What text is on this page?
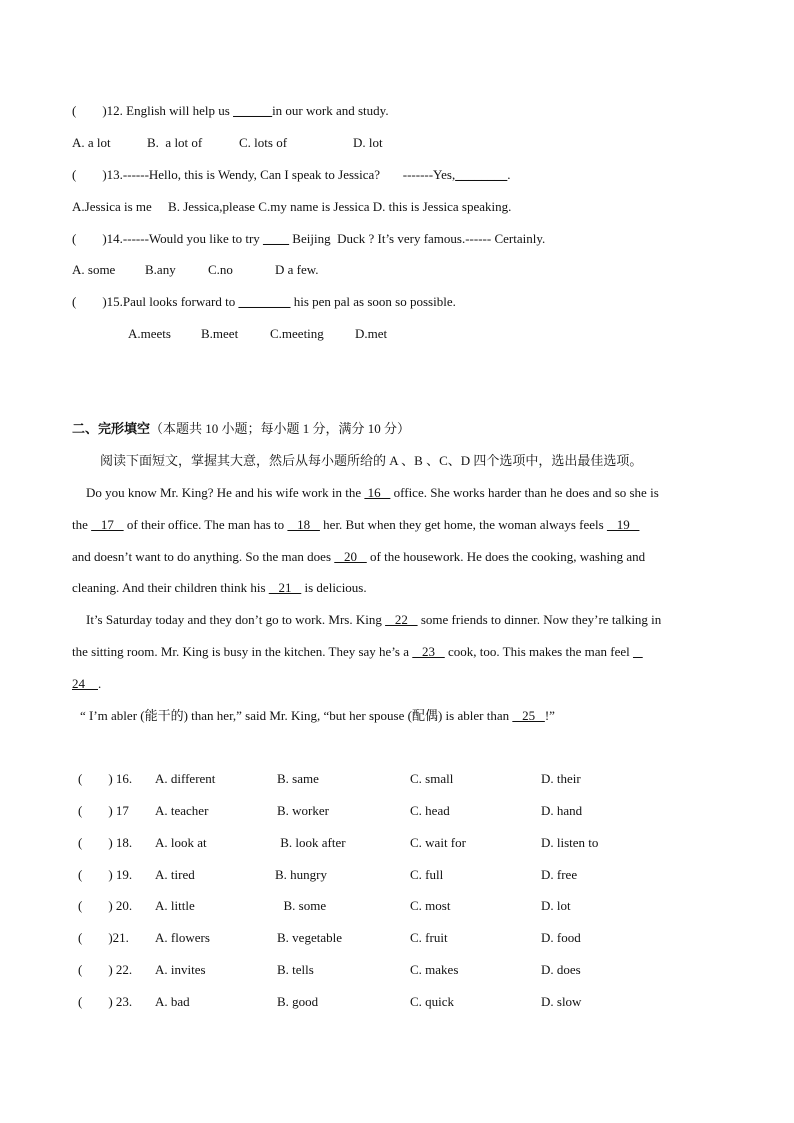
(        )12. English will help us ______in our work and study.
A. a lot	B.  a lot of	C. lots of	D. lot
(        )13.------Hello, this is Wendy, Can I speak to Jessica?       -------Yes,________.
A.Jessica is me     B. Jessica,please C.my name is Jessica D. this is Jessica speaking.
(        )14.------Would you like to try ____ Beijing  Duck ? It’s very famous.------ Certainly.
A. some B.any C.no	D a few.
(        )15.Paul looks forward to ________ his pen pal as soon so possible.
A.meets B.meet C.meeting D.met
二、完形填空（本题共 10 小题；每小题 1 分，满分 10 分）
阅读下面短文，掌握其大意，然后从每小题所给的 A 、B 、C、D 四个选项中，选出最佳选项。
Do you know Mr. King? He and his wife work in the  16    office. She works harder than he does and so she is
the    17    of their office. The man has to    18    her. But when they get home, the woman always feels    19
and doesn’t want to do anything. So the man does    20    of the housework. He does the cooking, washing and
cleaning. And their children think his    21    is delicious.
It’s Saturday today and they don’t go to work. Mrs. King    22    some friends to dinner. Now they’re talking in
the sitting room. Mr. King is busy in the kitchen. They say he’s a    23    cook, too. This makes the man feel
24    .
“ I’m abler (能干的) than her,” said Mr. King, “but her spouse (配偶) is abler than    25   !”
(        ) 16. A. different	B. same	C. small	D. their
(        ) 17 A. teacher	B. worker	C. head	D. hand
(        ) 18. A. look at	B. look after	C. wait for	D. listen to
(        ) 19. A. tired	B. hungry	C. full	D. free
(        ) 20. A. little	B. some	C. most	D. lot
(        )21. A. flowers	B. vegetable	C. fruit	D. food
(        ) 22. A. invites	B. tells	C. makes	D. does
(        ) 23. A. bad	B. good	C. quick	D. slow
